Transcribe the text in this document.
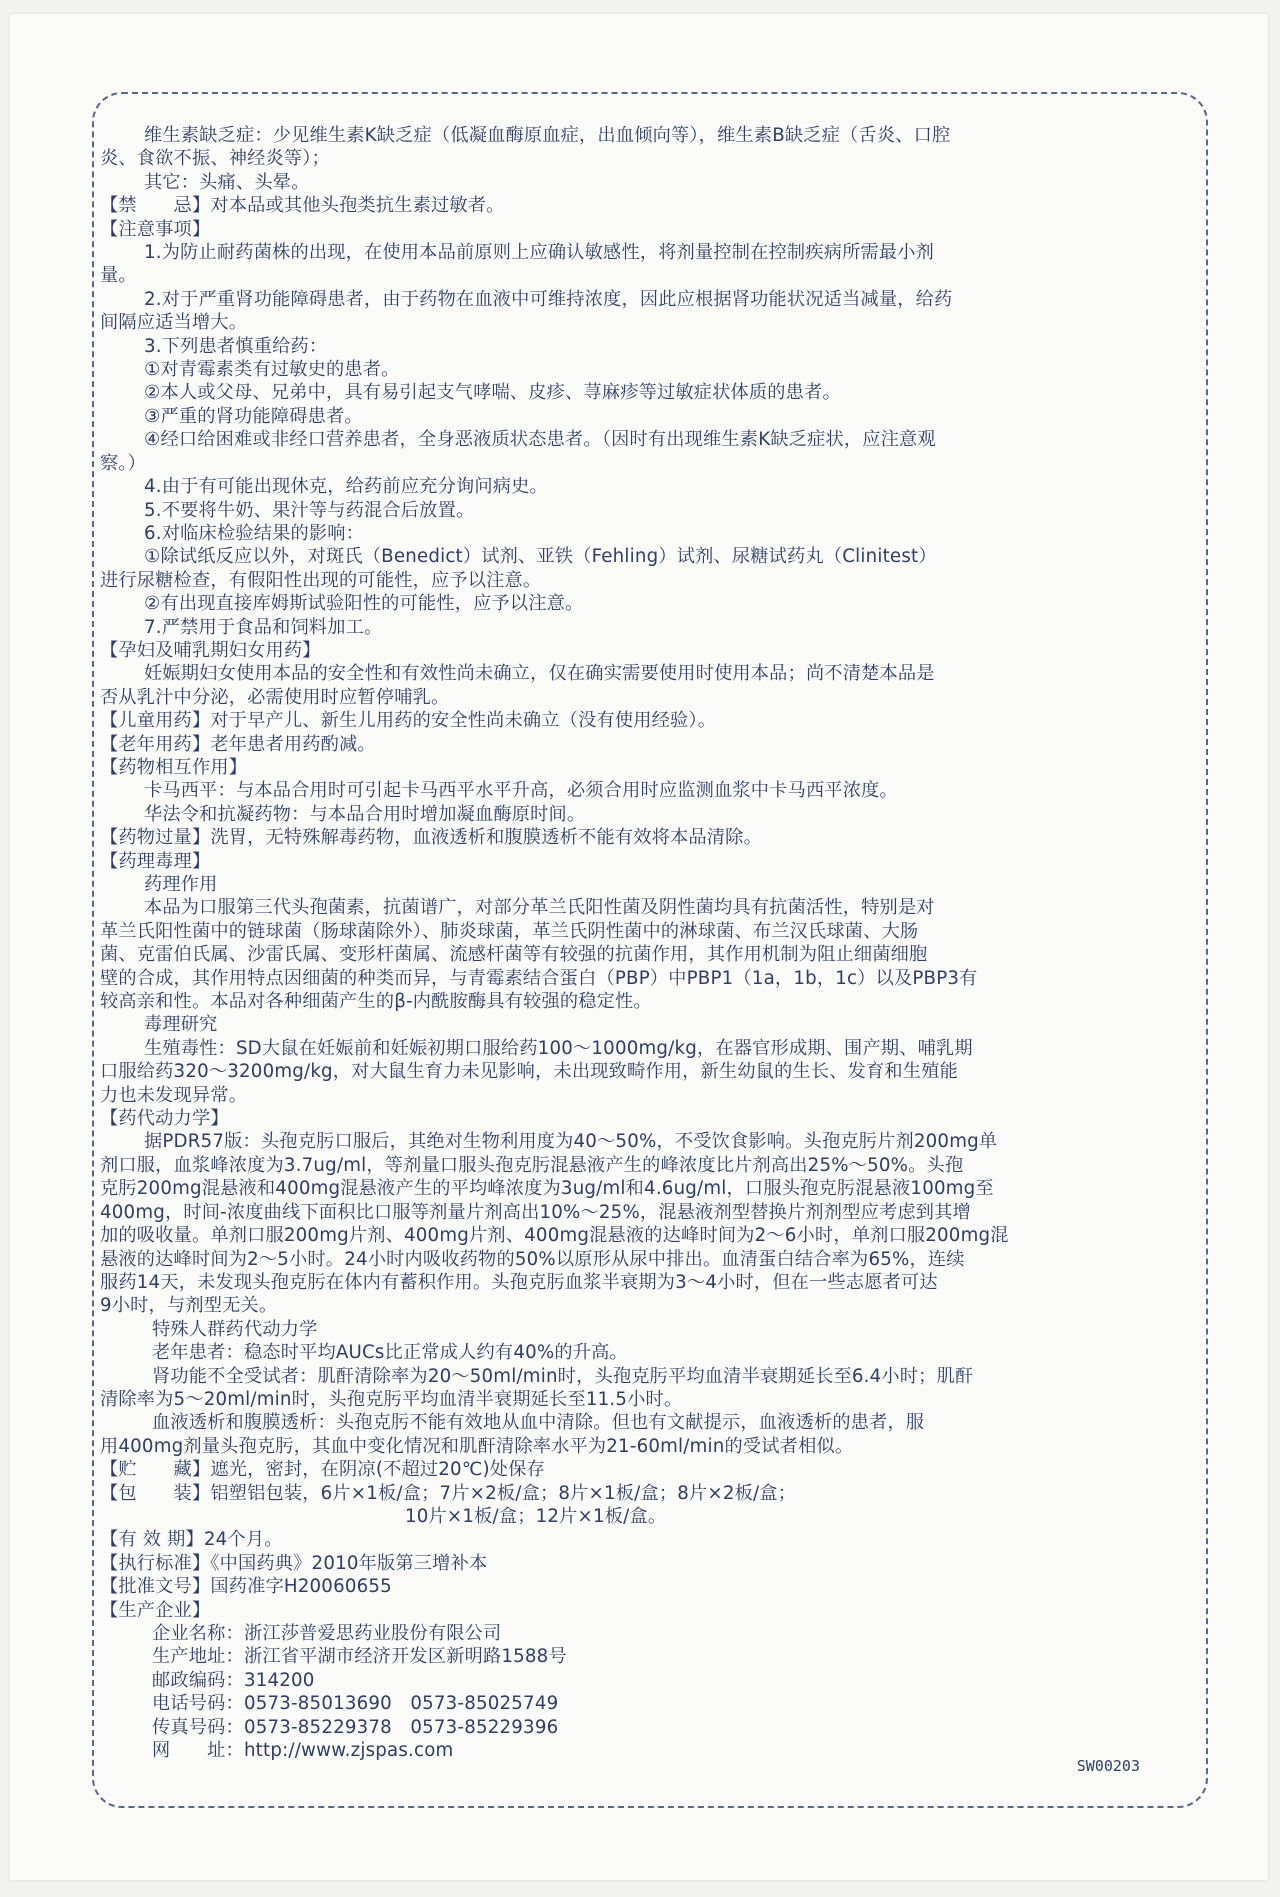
维生素缺乏症：少见维生素K缺乏症（低凝血酶原血症，出血倾向等），维生素B缺乏症（舌炎、口腔

炎、食欲不振、神经炎等）；

其它：头痛、头晕。

【禁　　忌】对本品或其他头孢类抗生素过敏者。

【注意事项】

1.为防止耐药菌株的出现，在使用本品前原则上应确认敏感性，将剂量控制在控制疾病所需最小剂

量。

2.对于严重肾功能障碍患者，由于药物在血液中可维持浓度，因此应根据肾功能状况适当减量，给药

间隔应适当增大。

3.下列患者慎重给药：

①对青霉素类有过敏史的患者。

②本人或父母、兄弟中，具有易引起支气哮喘、皮疹、荨麻疹等过敏症状体质的患者。

③严重的肾功能障碍患者。

④经口给困难或非经口营养患者，全身恶液质状态患者。（因时有出现维生素K缺乏症状，应注意观

察。）

4.由于有可能出现休克，给药前应充分询问病史。

5.不要将牛奶、果汁等与药混合后放置。

6.对临床检验结果的影响：

①除试纸反应以外，对斑氏（Benedict）试剂、亚铁（Fehling）试剂、尿糖试药丸（Clinitest）

进行尿糖检查，有假阳性出现的可能性，应予以注意。

②有出现直接库姆斯试验阳性的可能性，应予以注意。

7.严禁用于食品和饲料加工。

【孕妇及哺乳期妇女用药】

妊娠期妇女使用本品的安全性和有效性尚未确立，仅在确实需要使用时使用本品；尚不清楚本品是

否从乳汁中分泌，必需使用时应暂停哺乳。

【儿童用药】对于早产儿、新生儿用药的安全性尚未确立（没有使用经验）。

【老年用药】老年患者用药酌减。

【药物相互作用】

卡马西平：与本品合用时可引起卡马西平水平升高，必须合用时应监测血浆中卡马西平浓度。

华法令和抗凝药物：与本品合用时增加凝血酶原时间。

【药物过量】洗胃，无特殊解毒药物，血液透析和腹膜透析不能有效将本品清除。

【药理毒理】

药理作用

本品为口服第三代头孢菌素，抗菌谱广，对部分革兰氏阳性菌及阴性菌均具有抗菌活性，特别是对

革兰氏阳性菌中的链球菌（肠球菌除外）、肺炎球菌，革兰氏阴性菌中的淋球菌、布兰汉氏球菌、大肠

菌、克雷伯氏属、沙雷氏属、变形杆菌属、流感杆菌等有较强的抗菌作用，其作用机制为阻止细菌细胞

壁的合成，其作用特点因细菌的种类而异，与青霉素结合蛋白（PBP）中PBP1（1a，1b，1c）以及PBP3有

较高亲和性。本品对各种细菌产生的β-内酰胺酶具有较强的稳定性。

毒理研究

生殖毒性：SD大鼠在妊娠前和妊娠初期口服给药100～1000mg/kg，在器官形成期、围产期、哺乳期

口服给药320～3200mg/kg，对大鼠生育力未见影响，未出现致畸作用，新生幼鼠的生长、发育和生殖能

力也未发现异常。

【药代动力学】

据PDR57版：头孢克肟口服后，其绝对生物利用度为40～50%，不受饮食影响。头孢克肟片剂200mg单

剂口服，血浆峰浓度为3.7ug/ml，等剂量口服头孢克肟混悬液产生的峰浓度比片剂高出25%～50%。头孢

克肟200mg混悬液和400mg混悬液产生的平均峰浓度为3ug/ml和4.6ug/ml，口服头孢克肟混悬液100mg至

400mg，时间-浓度曲线下面积比口服等剂量片剂高出10%～25%，混悬液剂型替换片剂剂型应考虑到其增

加的吸收量。单剂口服200mg片剂、400mg片剂、400mg混悬液的达峰时间为2～6小时，单剂口服200mg混

悬液的达峰时间为2～5小时。24小时内吸收药物的50%以原形从尿中排出。血清蛋白结合率为65%，连续

服药14天，未发现头孢克肟在体内有蓄积作用。头孢克肟血浆半衰期为3～4小时，但在一些志愿者可达

9小时，与剂型无关。

特殊人群药代动力学

老年患者：稳态时平均AUCs比正常成人约有40%的升高。

肾功能不全受试者：肌酐清除率为20～50ml/min时，头孢克肟平均血清半衰期延长至6.4小时；肌酐

清除率为5～20ml/min时，头孢克肟平均血清半衰期延长至11.5小时。

血液透析和腹膜透析：头孢克肟不能有效地从血中清除。但也有文献提示，血液透析的患者，服

用400mg剂量头孢克肟，其血中变化情况和肌酐清除率水平为21-60ml/min的受试者相似。

【贮　　藏】遮光，密封，在阴凉(不超过20℃)处保存

【包　　装】铝塑铝包装，6片×1板/盒；7片×2板/盒；8片×1板/盒；8片×2板/盒；

10片×1板/盒；12片×1板/盒。

【有 效 期】24个月。

【执行标准】《中国药典》2010年版第三增补本

【批准文号】国药准字H20060655

【生产企业】

企业名称：浙江莎普爱思药业股份有限公司

生产地址：浙江省平湖市经济开发区新明路1588号

邮政编码：314200

电话号码：0573-85013690　0573-85025749

传真号码：0573-85229378　0573-85229396

网　　址：http://www.zjspas.com

SW00203
